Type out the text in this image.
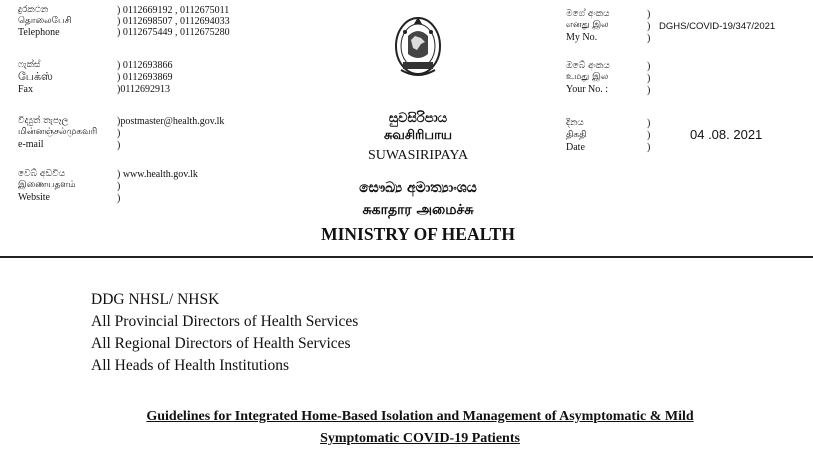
දුරකථන
தொலைபேசி
Telephone
) 0112669192 , 0112675011
) 0112698507 , 0112694033
) 0112675449 , 0112675280
ෆැක්ස්
பேக்ஸ்
Fax
) 0112693866
) 0112693869
)0112692913
විද්‍යුත් තැපෑල
மின்னஞ்சல்முகவரி
e-mail
)postmaster@health.gov.lk
)
)
වෙබ් අඩවිය
இணையதளம்
Website
) www.health.gov.lk
)
)
සුවසිරිපාය
சுவசிரிபாய
SUWASIRIPAYA
සෞඛ්‍ය අමාත්‍යාංශය
சுகாதார அமைச்சு
MINISTRY OF HEALTH
මගේ අංකය
எனது இல
My No.
)
)
)
DGHS/COVID-19/347/2021
ඔබේ අංකය
உமது இல
Your No. :
)
)
)
දිනය
திகதி
Date
)
)
)
04 .08. 2021
DDG NHSL/ NHSK
All Provincial Directors of Health Services
All Regional Directors of Health Services
All Heads of Health Institutions
Guidelines for Integrated Home-Based Isolation and Management of Asymptomatic & Mild
Symptomatic COVID-19 Patients
